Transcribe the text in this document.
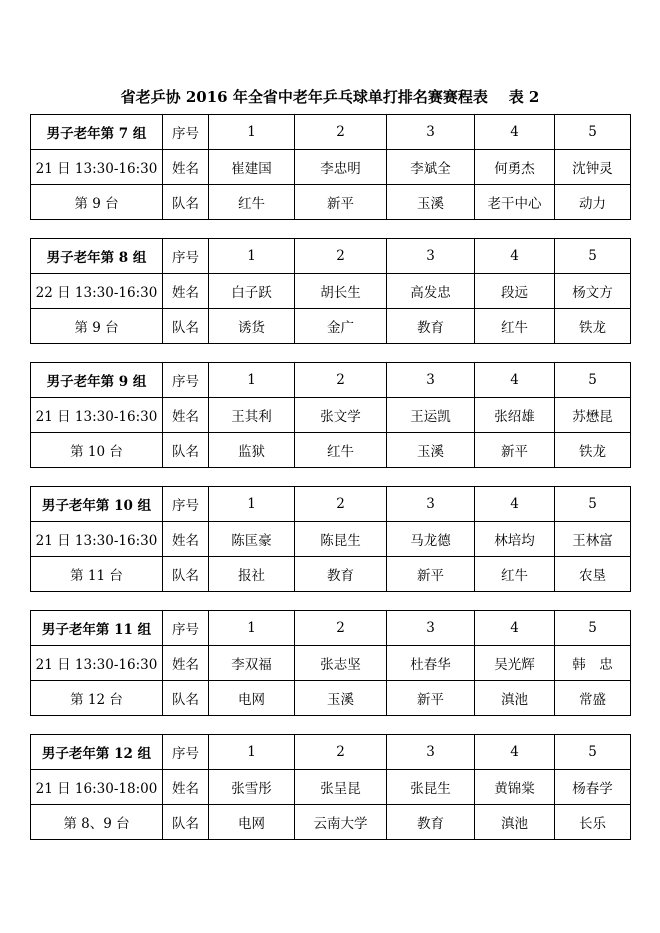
省老乒协 2016 年全省中老年乒乓球单打排名赛赛程表    表 2
男子老年第 7 组	序号	1	2	3	4	5
21 日 13:30-16:30	姓名	崔建国	李忠明	李斌全	何勇杰	沈钟灵
第 9 台	队名	红牛	新平	玉溪	老干中心	动力
男子老年第 8 组	序号	1	2	3	4	5
22 日 13:30-16:30	姓名	白子跃	胡长生	高发忠	段远	杨文方
第 9 台	队名	诱货	金广	教育	红牛	铁龙
男子老年第 9 组	序号	1	2	3	4	5
21 日 13:30-16:30	姓名	王其利	张文学	王运凯	张绍雄	苏懋昆
第 10 台	队名	监狱	红牛	玉溪	新平	铁龙
男子老年第 10 组	序号	1	2	3	4	5
21 日 13:30-16:30	姓名	陈匡豪	陈昆生	马龙德	林培均	王林富
第 11 台	队名	报社	教育	新平	红牛	农垦
男子老年第 11 组	序号	1	2	3	4	5
21 日 13:30-16:30	姓名	李双福	张志坚	杜春华	吴光辉	韩　忠
第 12 台	队名	电网	玉溪	新平	滇池	常盛
男子老年第 12 组	序号	1	2	3	4	5
21 日 16:30-18:00	姓名	张雪彤	张呈昆	张昆生	黄锦棠	杨春学
第 8、9 台	队名	电网	云南大学	教育	滇池	长乐
